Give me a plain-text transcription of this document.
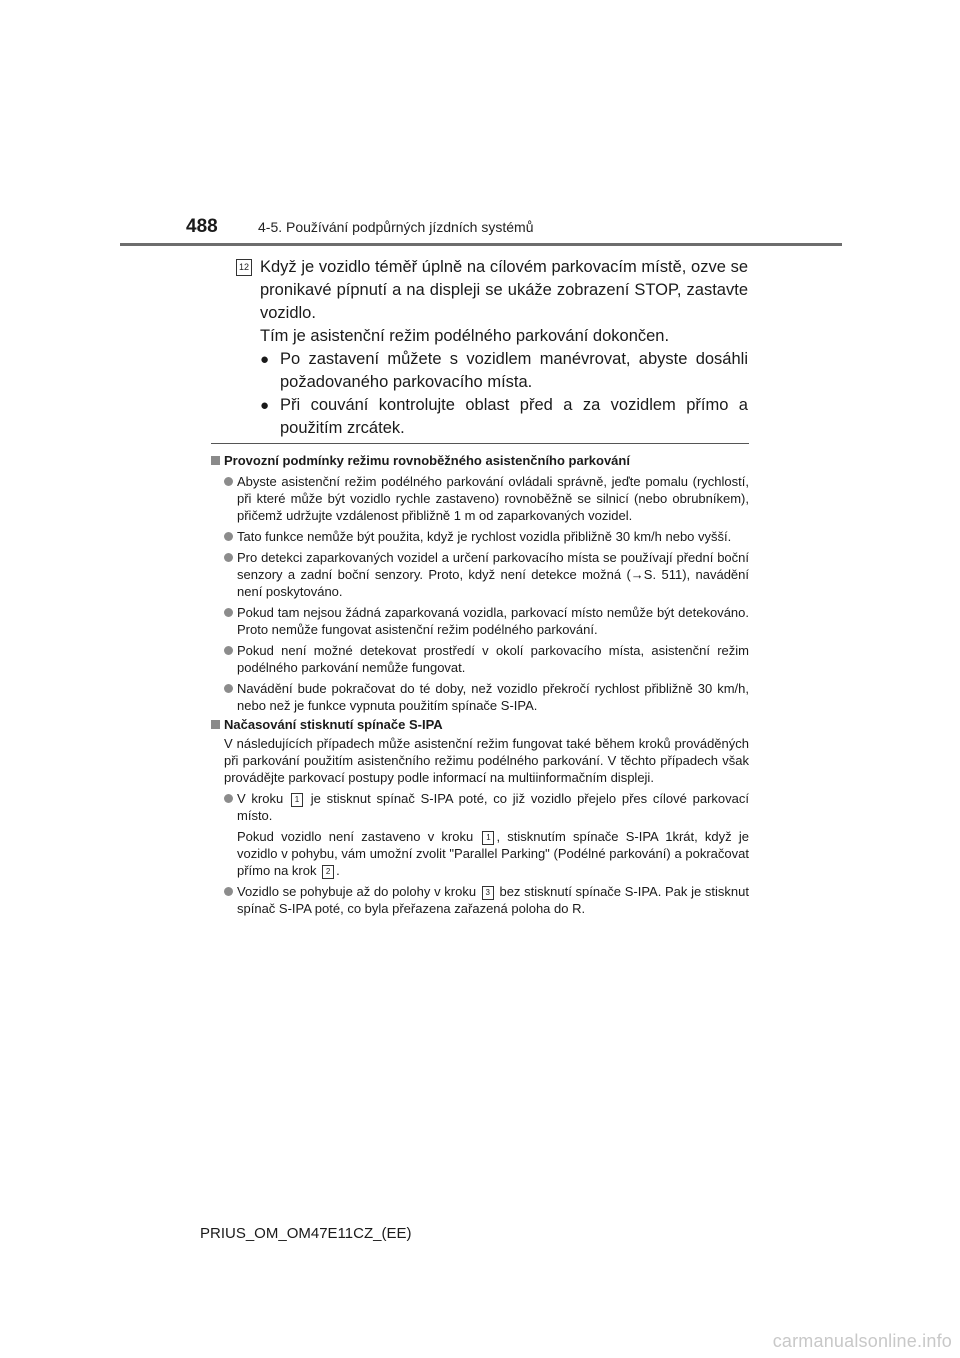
488	4-5. Používání podpůrných jízdních systémů
12 Když je vozidlo téměř úplně na cílovém parkovacím místě, ozve se pronikavé pípnutí a na displeji se ukáže zobrazení STOP, zastavte vozidlo.

Tím je asistenční režim podélného parkování dokončen.

● Po zastavení můžete s vozidlem manévrovat, abyste dosáhli požadovaného parkovacího místa.
● Při couvání kontrolujte oblast před a za vozidlem přímo a použitím zrcátek.
Provozní podmínky režimu rovnoběžného asistenčního parkování
Abyste asistenční režim podélného parkování ovládali správně, jeďte pomalu (rychlostí, při které může být vozidlo rychle zastaveno) rovnoběžně se silnicí (nebo obrubníkem), přičemž udržujte vzdálenost přibližně 1 m od zaparkovaných vozidel.
Tato funkce nemůže být použita, když je rychlost vozidla přibližně 30 km/h nebo vyšší.
Pro detekci zaparkovaných vozidel a určení parkovacího místa se používají přední boční senzory a zadní boční senzory. Proto, když není detekce možná (→S. 511), navádění není poskytováno.
Pokud tam nejsou žádná zaparkovaná vozidla, parkovací místo nemůže být detekováno. Proto nemůže fungovat asistenční režim podélného parkování.
Pokud není možné detekovat prostředí v okolí parkovacího místa, asistenční režim podélného parkování nemůže fungovat.
Navádění bude pokračovat do té doby, než vozidlo překročí rychlost přibližně 30 km/h, nebo než je funkce vypnuta použitím spínače S-IPA.
Načasování stisknutí spínače S-IPA
V následujících případech může asistenční režim fungovat také během kroků prováděných při parkování použitím asistenčního režimu podélného parkování. V těchto případech však provádějte parkovací postupy podle informací na multiinformačním displeji.
V kroku 1 je stisknut spínač S-IPA poté, co již vozidlo přejelo přes cílové parkovací místo.
Pokud vozidlo není zastaveno v kroku 1 , stisknutím spínače S-IPA 1krát, když je vozidlo v pohybu, vám umožní zvolit "Parallel Parking" (Podélné parkování) a pokračovat přímo na krok 2 .
Vozidlo se pohybuje až do polohy v kroku 3 bez stisknutí spínače S-IPA. Pak je stisknut spínač S-IPA poté, co byla přeřazena zařazená poloha do R.
PRIUS_OM_OM47E11CZ_(EE)
carmanualsonline.info
